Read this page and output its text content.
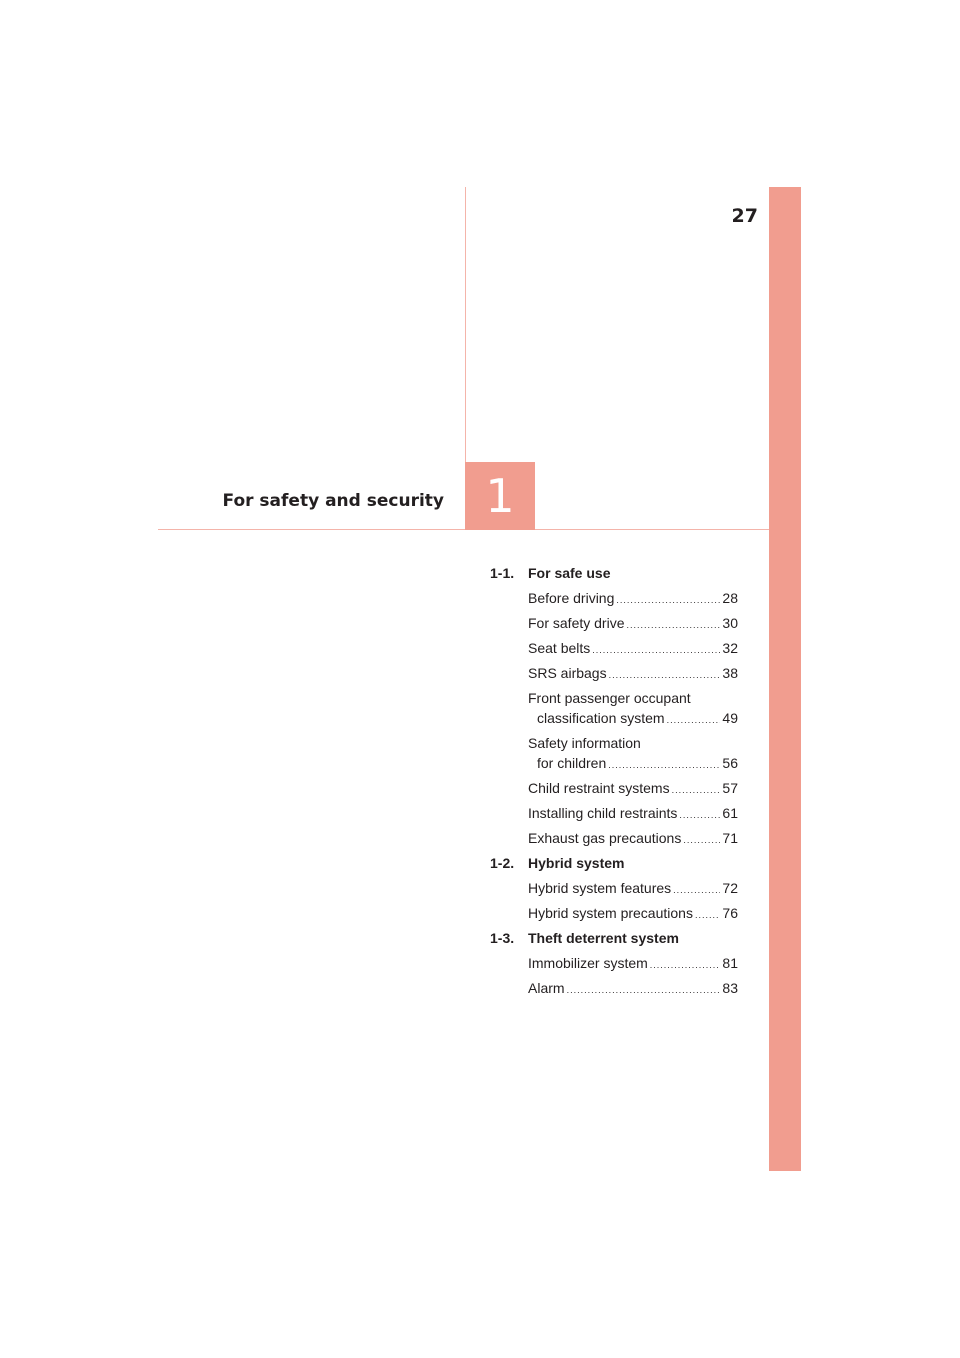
27
1
For safety and security
1-1. For safe use
Before driving .....	28
For safety drive .....	30
Seat belts .....	32
SRS airbags .....	38
Front passenger occupant
classification system .....	49
Safety information
for children .....	56
Child restraint systems .....	57
Installing child restraints .....	61
Exhaust gas precautions .....	71
1-2. Hybrid system
Hybrid system features .....	72
Hybrid system precautions ..... 76
1-3. Theft deterrent system
Immobilizer system .....	81
Alarm .....	83
